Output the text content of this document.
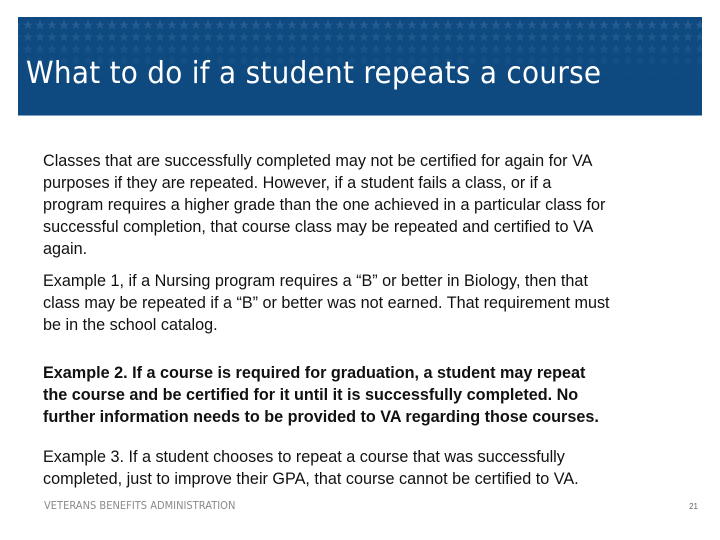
What to do if a student repeats a course

Classes that are successfully completed may not be certified for again for VA
purposes if they are repeated. However, if a student fails a class, or if a
program requires a higher grade than the one achieved in a particular class for
successful completion, that course class may be repeated and certified to VA
again.

Example 1, if a Nursing program requires a “B” or better in Biology, then that
class may be repeated if a “B” or better was not earned. That requirement must
be in the school catalog.

Example 2. If a course is required for graduation, a student may repeat
the course and be certified for it until it is successfully completed. No
further information needs to be provided to VA regarding those courses.

Example 3. If a student chooses to repeat a course that was successfully
completed, just to improve their GPA, that course cannot be certified to VA.

VETERANS BENEFITS ADMINISTRATION	21
